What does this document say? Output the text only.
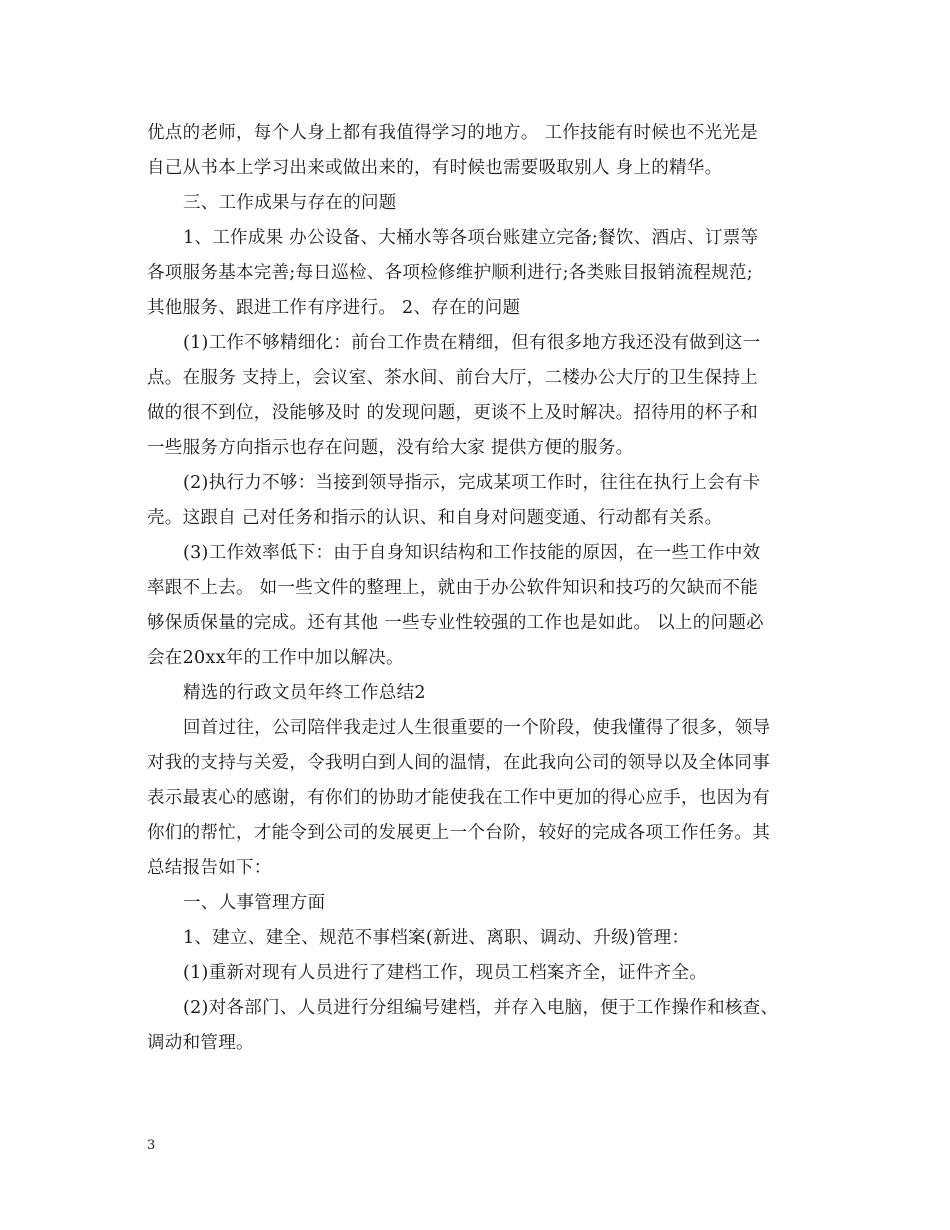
优点的老师，每个人身上都有我值得学习的地方。 工作技能有时候也不光光是
自己从书本上学习出来或做出来的，有时候也需要吸取别人 身上的精华。
三、工作成果与存在的问题
1、工作成果 办公设备、大桶水等各项台账建立完备;餐饮、酒店、订票等
各项服务基本完善;每日巡检、各项检修维护顺利进行;各类账目报销流程规范;
其他服务、跟进工作有序进行。 2、存在的问题
(1)工作不够精细化：前台工作贵在精细，但有很多地方我还没有做到这一
点。在服务 支持上，会议室、茶水间、前台大厅，二楼办公大厅的卫生保持上
做的很不到位，没能够及时 的发现问题，更谈不上及时解决。招待用的杯子和
一些服务方向指示也存在问题，没有给大家 提供方便的服务。
(2)执行力不够：当接到领导指示，完成某项工作时，往往在执行上会有卡
壳。这跟自 己对任务和指示的认识、和自身对问题变通、行动都有关系。
(3)工作效率低下：由于自身知识结构和工作技能的原因，在一些工作中效
率跟不上去。 如一些文件的整理上，就由于办公软件知识和技巧的欠缺而不能
够保质保量的完成。还有其他 一些专业性较强的工作也是如此。 以上的问题必
会在20xx年的工作中加以解决。
精选的行政文员年终工作总结2
回首过往，公司陪伴我走过人生很重要的一个阶段，使我懂得了很多，领导
对我的支持与关爱，令我明白到人间的温情，在此我向公司的领导以及全体同事
表示最衷心的感谢，有你们的协助才能使我在工作中更加的得心应手，也因为有
你们的帮忙，才能令到公司的发展更上一个台阶，较好的完成各项工作任务。其
总结报告如下：
一、人事管理方面
1、建立、建全、规范不事档案(新进、离职、调动、升级)管理：
(1)重新对现有人员进行了建档工作，现员工档案齐全，证件齐全。
(2)对各部门、人员进行分组编号建档，并存入电脑，便于工作操作和核查、
调动和管理。
3
